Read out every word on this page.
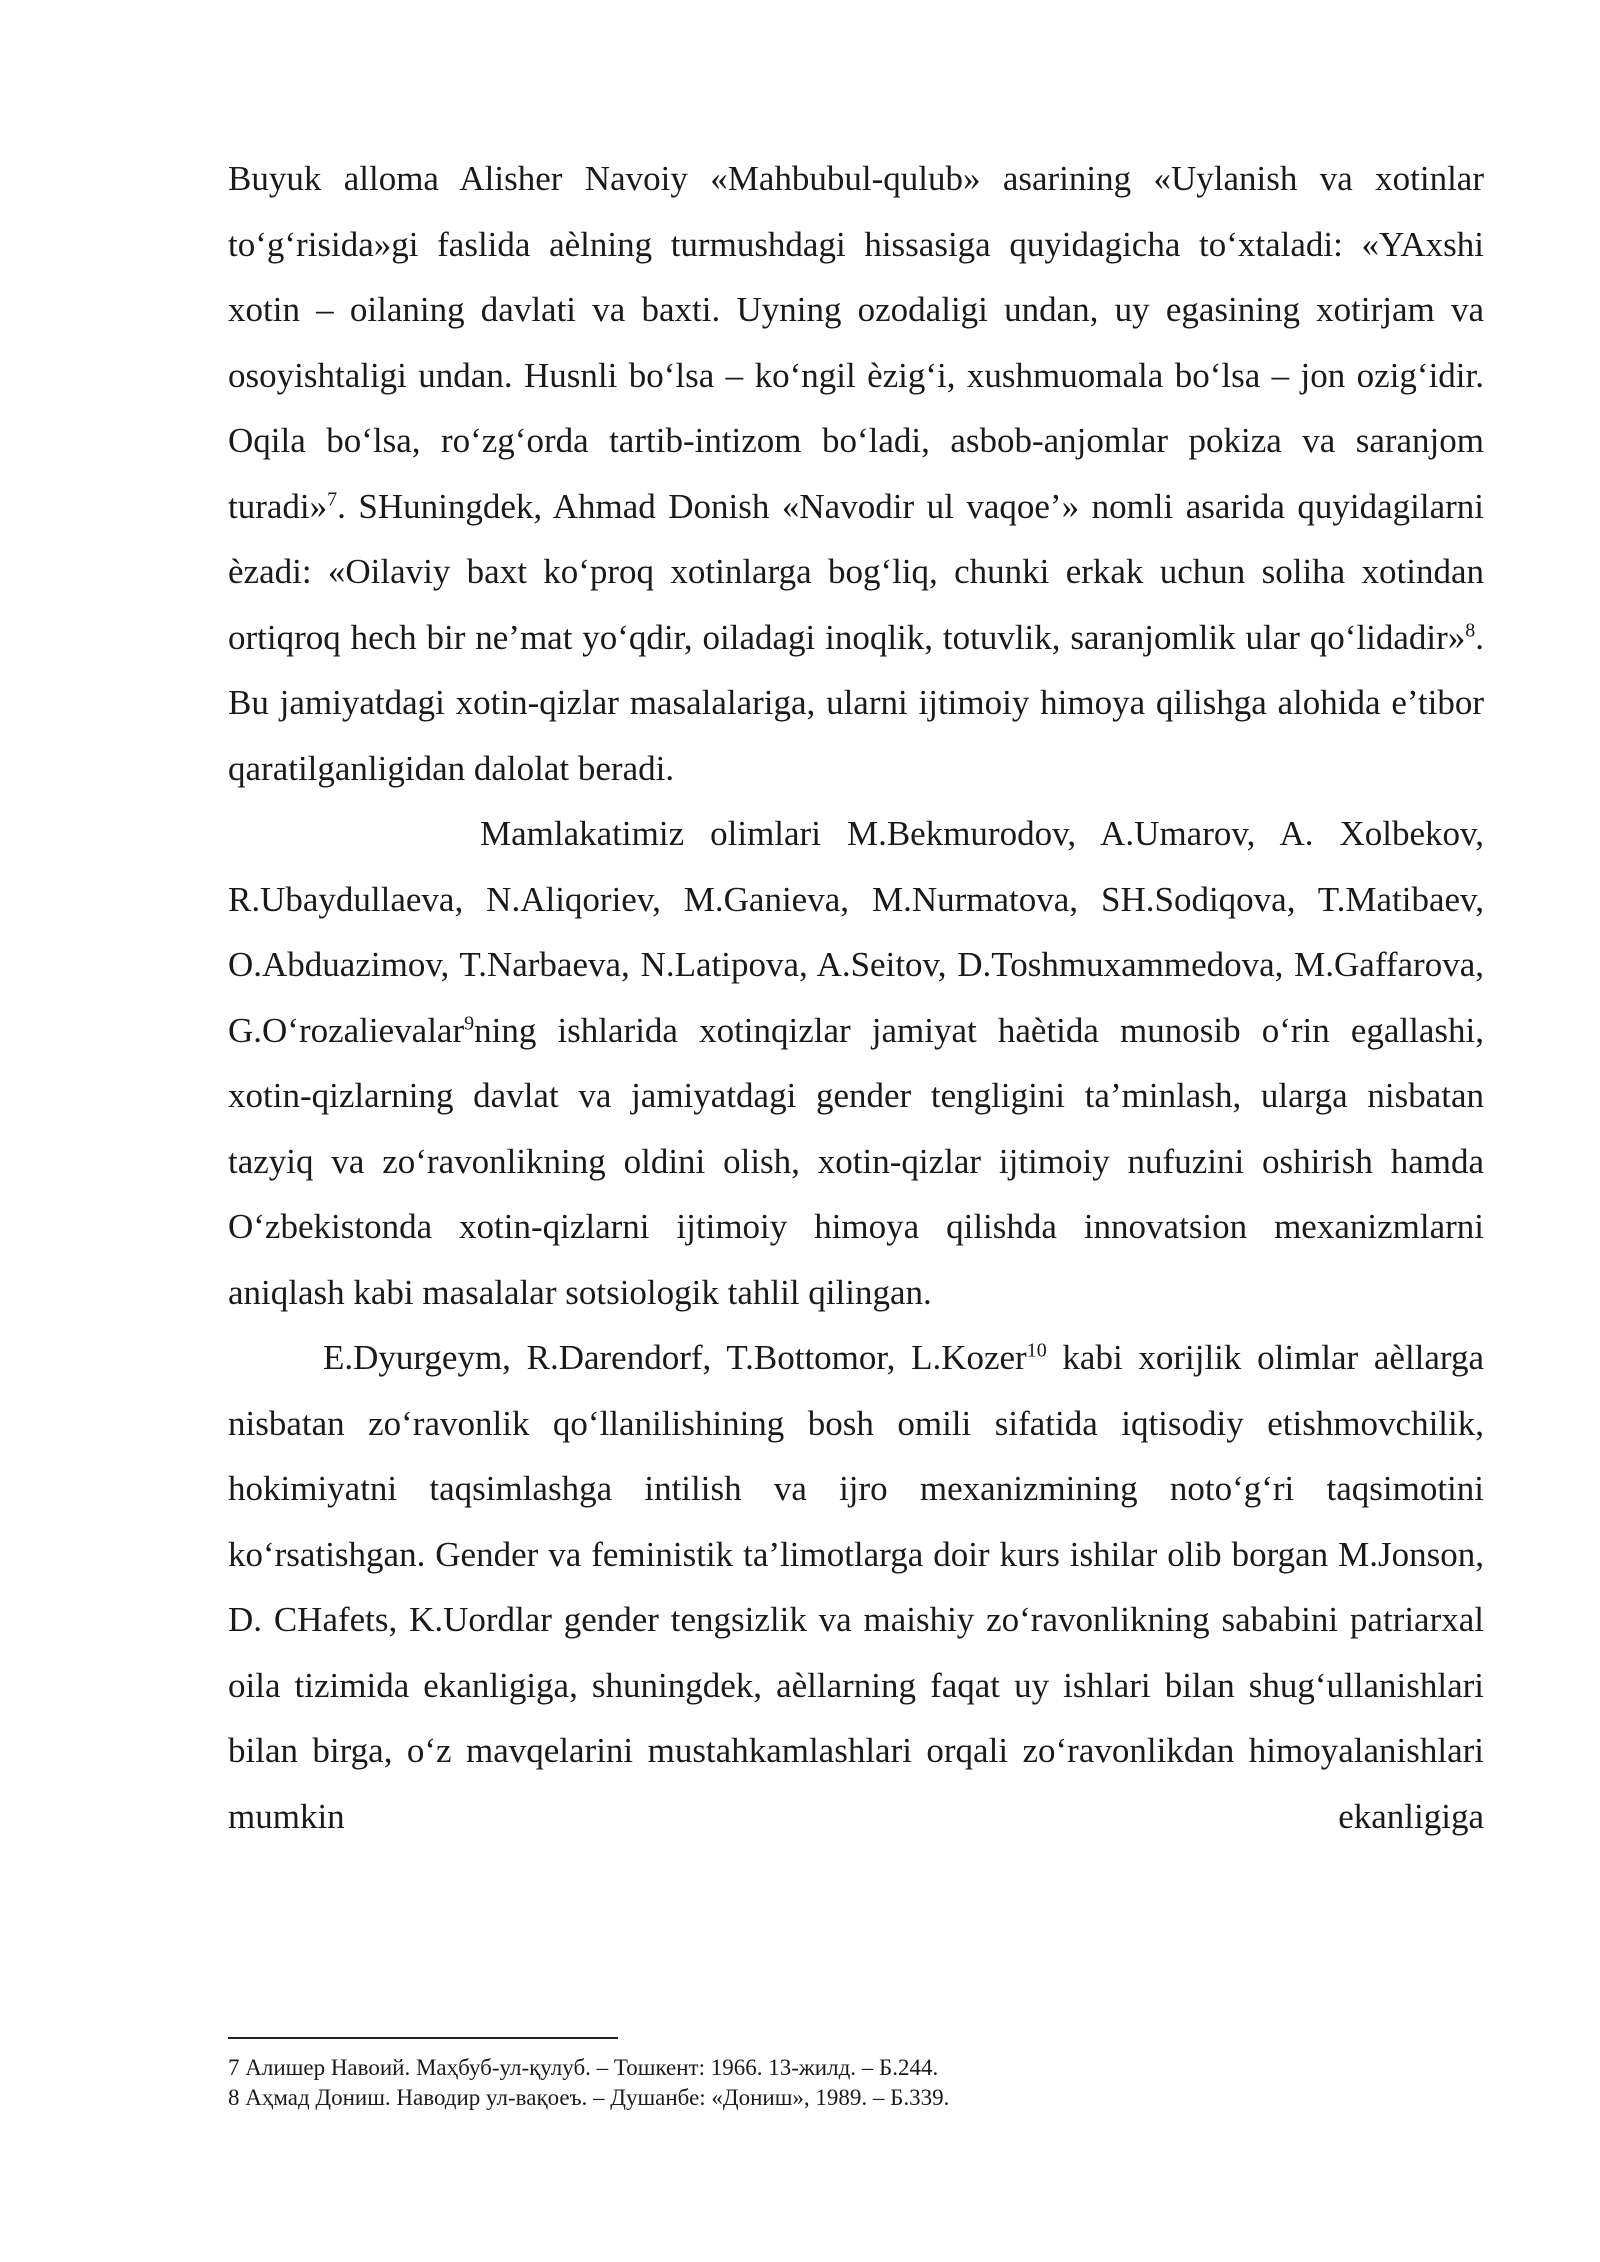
Buyuk alloma Alisher Navoiy «Mahbubul-qulub» asarining «Uylanish va xotinlar to‘g‘risida»gi faslida aèlning turmushdagi hissasiga quyidagicha to‘xtaladi: «YAxshi xotin – oilaning davlati va baxti. Uyning ozodaligi undan, uy egasining xotirjam va osoyishtaligi undan. Husnli bo‘lsa – ko‘ngil èzig‘i, xushmuomala bo‘lsa – jon ozig‘idir. Oqila bo‘lsa, ro‘zg‘orda tartib-intizom bo‘ladi, asbob-anjomlar pokiza va saranjom turadi»$^7$. SHuningdek, Ahmad Donish «Navodir ul vaqoe’» nomli asarida quyidagilarni èzadi: «Oilaviy baxt ko‘proq xotinlarga bog‘liq, chunki erkak uchun soliha xotindan ortiqroq hech bir ne’mat yo‘qdir, oiladagi inoqlik, totuvlik, saranjomlik ular qo‘lidadir»$^8$. Bu jamiyatdagi xotin-qizlar masalalariga, ularni ijtimoiy himoya qilishga alohida e’tibor qaratilganligidan dalolat beradi.

Mamlakatimiz olimlari M.Bekmurodov, A.Umarov, A. Xolbekov, R.Ubaydullaeva, N.Aliqoriev, M.Ganieva, M.Nurmatova, SH.Sodiqova, T.Matibaev, O.Abduazimov, T.Narbaeva, N.Latipova, A.Seitov, D.Toshmuxammedova, M.Gaffarova, G.O‘rozalievalar$^9$ning ishlarida xotinqizlar jamiyat haètida munosib o‘rin egallashi, xotin-qizlarning davlat va jamiyatdagi gender tengligini ta’minlash, ularga nisbatan tazyiq va zo‘ravonlikning oldini olish, xotin-qizlar ijtimoiy nufuzini oshirish hamda O‘zbekistonda xotin-qizlarni ijtimoiy himoya qilishda innovatsion mexanizmlarni aniqlash kabi masalalar sotsiologik tahlil qilingan.

E.Dyurgeym, R.Darendorf, T.Bottomor, L.Kozer$^{10}$ kabi xorijlik olimlar aèllarga nisbatan zo‘ravonlik qo‘llanilishining bosh omili sifatida iqtisodiy etishmovchilik, hokimiyatni taqsimlashga intilish va ijro mexanizmining noto‘g‘ri taqsimotini ko‘rsatishgan. Gender va feministik ta’limotlarga doir kurs ishilar olib borgan M.Jonson, D. CHafets, K.Uordlar gender tengsizlik va maishiy zo‘ravonlikning sababini patriarxal oila tizimida ekanligiga, shuningdek, aèllarning faqat uy ishlari bilan shug‘ullanishlari bilan birga, o‘z mavqelarini mustahkamlashlari orqali zo‘ravonlikdan himoyalanishlari mumkin ekanligiga

7 Алишер Навоий. Маҳбуб-ул-қулуб. – Тошкент: 1966. 13-жилд. – Б.244.

8 Аҳмад Дониш. Наводир ул-вақоеъ. – Душанбе: «Дониш», 1989. – Б.339.
